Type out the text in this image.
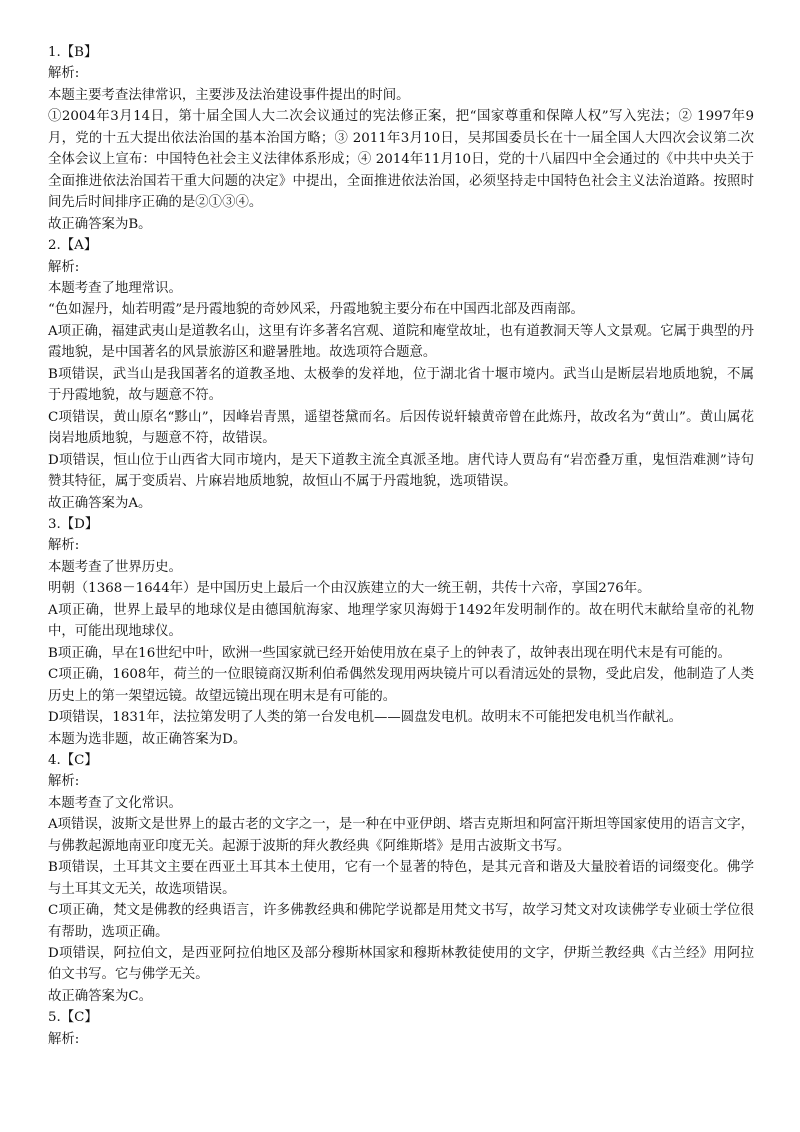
1.【B】

解析:

本题主要考查法律常识，主要涉及法治建设事件提出的时间。

①2004年3月14日，第十届全国人大二次会议通过的宪法修正案，把“国家尊重和保障人权”写入宪法；② 1997年9月，党的十五大提出依法治国的基本治国方略；③ 2011年3月10日，吴邦国委员长在十一届全国人大四次会议第二次全体会议上宣布：中国特色社会主义法律体系形成；④ 2014年11月10日，党的十八届四中全会通过的《中共中央关于全面推进依法治国若干重大问题的决定》中提出，全面推进依法治国，必须坚持走中国特色社会主义法治道路。按照时间先后时间排序正确的是②①③④。

故正确答案为B。

2.【A】

解析:

本题考查了地理常识。

“色如渥丹，灿若明霞”是丹霞地貌的奇妙风采，丹霞地貌主要分布在中国西北部及西南部。

A项正确，福建武夷山是道教名山，这里有许多著名宫观、道院和庵堂故址，也有道教洞天等人文景观。它属于典型的丹霞地貌，是中国著名的风景旅游区和避暑胜地。故选项符合题意。

B项错误，武当山是我国著名的道教圣地、太极拳的发祥地，位于湖北省十堰市境内。武当山是断层岩地质地貌，不属于丹霞地貌，故与题意不符。

C项错误，黄山原名“黟山”，因峰岩青黑，遥望苍黛而名。后因传说轩辕黄帝曾在此炼丹，故改名为“黄山”。黄山属花岗岩地质地貌，与题意不符，故错误。

D项错误，恒山位于山西省大同市境内，是天下道教主流全真派圣地。唐代诗人贾岛有“岩峦叠万重，鬼恒浩难测”诗句赞其特征，属于变质岩、片麻岩地质地貌，故恒山不属于丹霞地貌，选项错误。

故正确答案为A。

3.【D】

解析:

本题考查了世界历史。

明朝（1368－1644年）是中国历史上最后一个由汉族建立的大一统王朝，共传十六帝，享国276年。

A项正确，世界上最早的地球仪是由德国航海家、地理学家贝海姆于1492年发明制作的。故在明代末献给皇帝的礼物中，可能出现地球仪。

B项正确，早在16世纪中叶，欧洲一些国家就已经开始使用放在桌子上的钟表了，故钟表出现在明代末是有可能的。

C项正确，1608年，荷兰的一位眼镜商汉斯利伯希偶然发现用两块镜片可以看清远处的景物，受此启发，他制造了人类历史上的第一架望远镜。故望远镜出现在明末是有可能的。

D项错误，1831年，法拉第发明了人类的第一台发电机——圆盘发电机。故明末不可能把发电机当作献礼。

本题为选非题，故正确答案为D。

4.【C】

解析:

本题考查了文化常识。

A项错误，波斯文是世界上的最古老的文字之一，是一种在中亚伊朗、塔吉克斯坦和阿富汗斯坦等国家使用的语言文字，与佛教起源地南亚印度无关。起源于波斯的拜火教经典《阿维斯塔》是用古波斯文书写。

B项错误，土耳其文主要在西亚土耳其本土使用，它有一个显著的特色，是其元音和谐及大量胶着语的词缀变化。佛学与土耳其文无关，故选项错误。

C项正确，梵文是佛教的经典语言，许多佛教经典和佛陀学说都是用梵文书写，故学习梵文对攻读佛学专业硕士学位很有帮助，选项正确。

D项错误，阿拉伯文，是西亚阿拉伯地区及部分穆斯林国家和穆斯林教徒使用的文字，伊斯兰教经典《古兰经》用阿拉伯文书写。它与佛学无关。

故正确答案为C。

5.【C】

解析:
